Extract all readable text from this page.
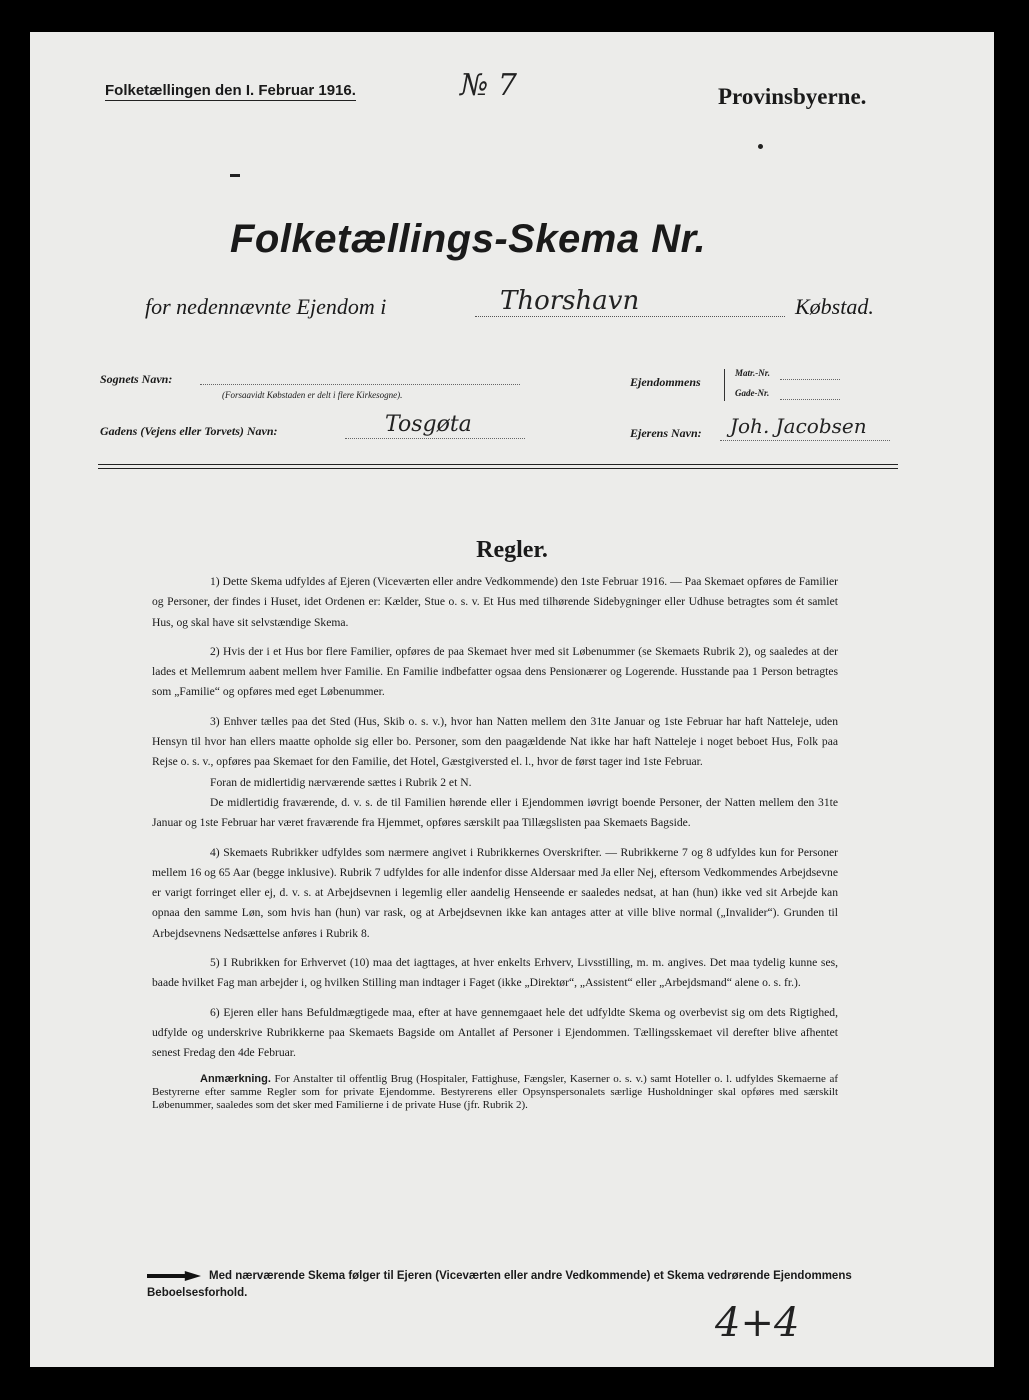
Folketællingen den I. Februar 1916.	№ 7	Provinsbyerne.
Folketællings-Skema Nr.
for nedennævnte Ejendom i	Thorshavn	Købstad.
Sognets Navn:
(Forsaavidt Købstaden er delt i flere Kirkesogne).
Ejendommens
Matr.-Nr.
Gade-Nr.
Gadens (Vejens eller Torvets) Navn:	Tosgøta	Ejerens Navn: Joh. Jacobsen
Regler.

1) Dette Skema udfyldes af Ejeren (Viceværten eller andre Vedkommende) den 1ste Februar 1916. — Paa Skemaet opføres de Familier og Personer, der findes i Huset, idet Ordenen er: Kælder, Stue o. s. v. Et Hus med tilhørende Sidebygninger eller Udhuse betragtes som ét samlet Hus, og skal have sit selvstændige Skema.

2) Hvis der i et Hus bor flere Familier, opføres de paa Skemaet hver med sit Løbenummer (se Skemaets Rubrik 2), og saaledes at der lades et Mellemrum aabent mellem hver Familie. En Familie indbefatter ogsaa dens Pensionærer og Logerende. Husstande paa 1 Person betragtes som „Familie“ og opføres med eget Løbenummer.

3) Enhver tælles paa det Sted (Hus, Skib o. s. v.), hvor han Natten mellem den 31te Januar og 1ste Februar har haft Natteleje, uden Hensyn til hvor han ellers maatte opholde sig eller bo. Personer, som den paagældende Nat ikke har haft Natteleje i noget beboet Hus, Folk paa Rejse o. s. v., opføres paa Skemaet for den Familie, det Hotel, Gæstgiversted el. l., hvor de først tager ind 1ste Februar.

Foran de midlertidig nærværende sættes i Rubrik 2 et N.

De midlertidig fraværende, d. v. s. de til Familien hørende eller i Ejendommen iøvrigt boende Personer, der Natten mellem den 31te Januar og 1ste Februar har været fraværende fra Hjemmet, opføres særskilt paa Tillægslisten paa Skemaets Bagside.

4) Skemaets Rubrikker udfyldes som nærmere angivet i Rubrikkernes Overskrifter. — Rubrikkerne 7 og 8 udfyldes kun for Personer mellem 16 og 65 Aar (begge inklusive). Rubrik 7 udfyldes for alle indenfor disse Aldersaar med Ja eller Nej, eftersom Vedkommendes Arbejdsevne er varigt forringet eller ej, d. v. s. at Arbejdsevnen i legemlig eller aandelig Henseende er saaledes nedsat, at han (hun) ikke ved sit Arbejde kan opnaa den samme Løn, som hvis han (hun) var rask, og at Arbejdsevnen ikke kan antages atter at ville blive normal („Invalider“). Grunden til Arbejdsevnens Nedsættelse anføres i Rubrik 8.

5) I Rubrikken for Erhvervet (10) maa det iagttages, at hver enkelts Erhverv, Livsstilling, m. m. angives. Det maa tydelig kunne ses, baade hvilket Fag man arbejder i, og hvilken Stilling man indtager i Faget (ikke „Direktør“, „Assistent“ eller „Arbejdsmand“ alene o. s. fr.).

6) Ejeren eller hans Befuldmægtigede maa, efter at have gennemgaaet hele det udfyldte Skema og overbevist sig om dets Rigtighed, udfylde og underskrive Rubrikkerne paa Skemaets Bagside om Antallet af Personer i Ejendommen. Tællingsskemaet vil derefter blive afhentet senest Fredag den 4de Februar.

Anmærkning. For Anstalter til offentlig Brug (Hospitaler, Fattighuse, Fængsler, Kaserner o. s. v.) samt Hoteller o. l. udfyldes Skemaerne af Bestyrerne efter samme Regler som for private Ejendomme. Bestyrerens eller Opsynspersonalets særlige Husholdninger skal opføres med særskilt Løbenummer, saaledes som det sker med Familierne i de private Huse (jfr. Rubrik 2).

Med nærværende Skema følger til Ejeren (Viceværten eller andre Vedkommende) et Skema vedrørende Ejendommens Beboelsesforhold.
4+4
